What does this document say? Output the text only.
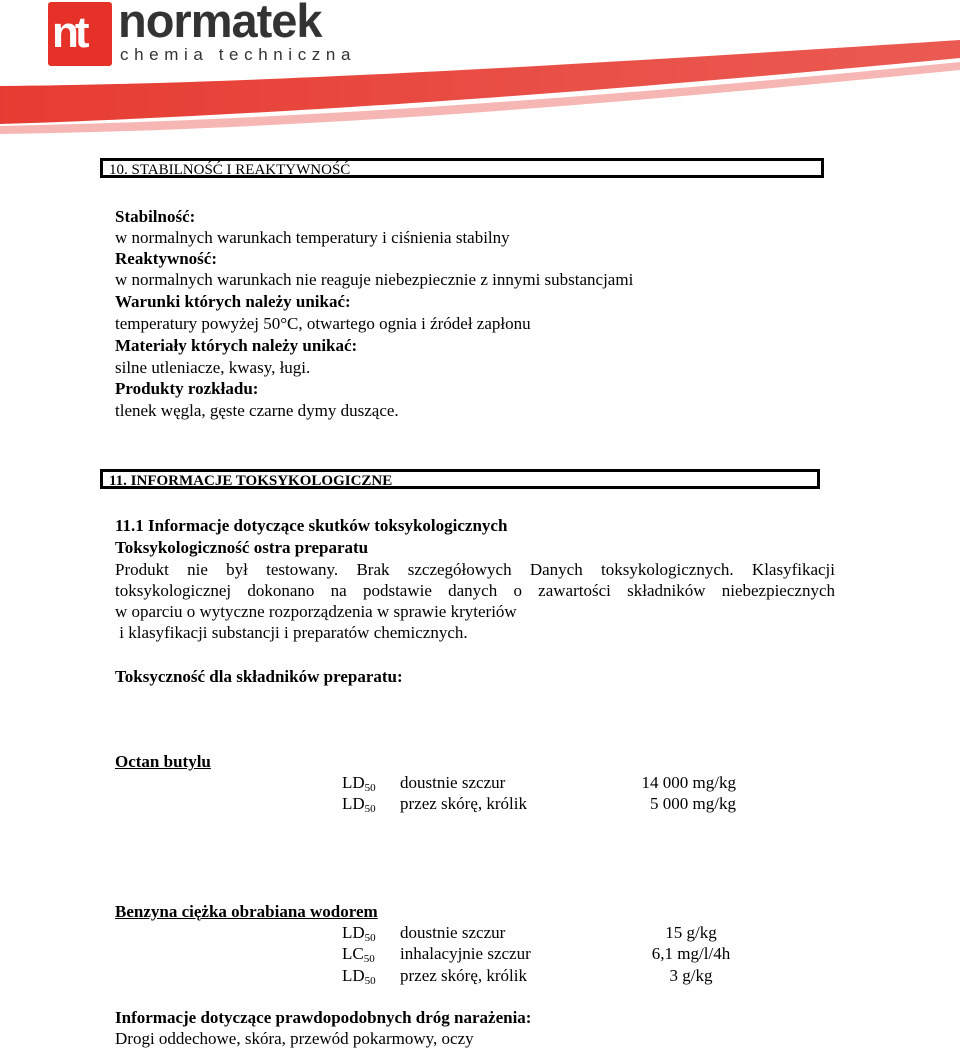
nt normatek
chemia techniczna
10. STABILNOŚĆ I REAKTYWNOŚĆ
Stabilność:
w normalnych warunkach temperatury i ciśnienia stabilny
Reaktywność:
w normalnych warunkach nie reaguje niebezpiecznie z innymi substancjami
Warunki których należy unikać:
temperatury powyżej 50°C, otwartego ognia i źródeł zapłonu
Materiały których należy unikać:
silne utleniacze, kwasy, ługi.
Produkty rozkładu:
tlenek węgla, gęste czarne dymy duszące.
11. INFORMACJE TOKSYKOLOGICZNE
11.1 Informacje dotyczące skutków toksykologicznych
Toksykologiczność ostra preparatu
Produkt nie był testowany. Brak szczegółowych Danych toksykologicznych. Klasyfikacji
toksykologicznej dokonano na podstawie danych o zawartości składników niebezpiecznych
w oparciu o wytyczne rozporządzenia w sprawie kryteriów
i klasyfikacji substancji i preparatów chemicznych.
Toksyczność dla składników preparatu:
Octan butylu
$LD_{50}$ doustnie szczur	14 000 mg/kg
$LD_{50}$ przez skórę, królik	5 000 mg/kg
Benzyna ciężka obrabiana wodorem
$LD_{50}$ doustnie szczur	15 g/kg
$LC_{50}$ inhalacyjnie szczur	6,1 mg/l/4h
$LD_{50}$ przez skórę, królik	3 g/kg
Informacje dotyczące prawdopodobnych dróg narażenia:
Drogi oddechowe, skóra, przewód pokarmowy, oczy
